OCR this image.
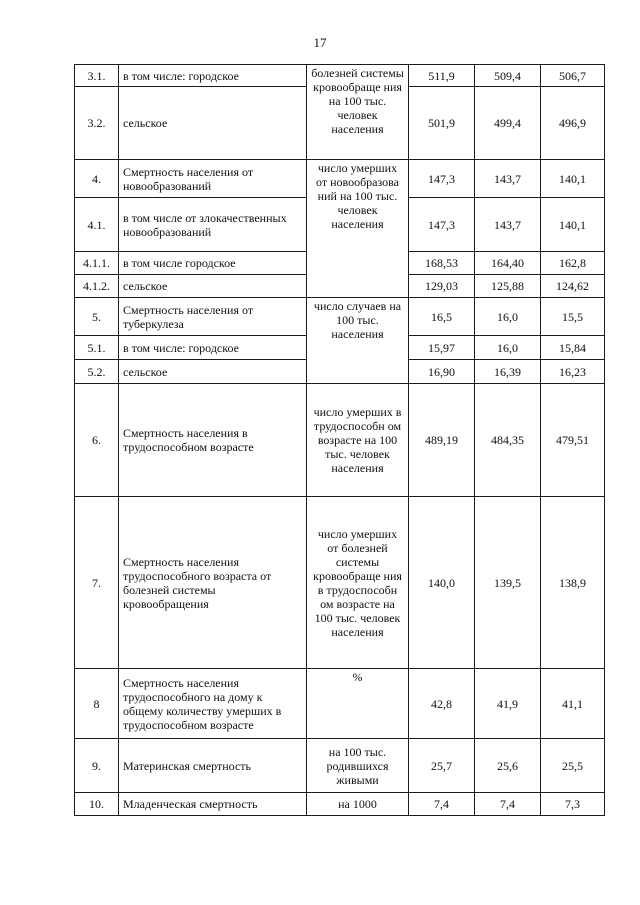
17
3.1.	в том числе: городское	болезней системы кровообраще ния на 100 тыс. человек населения	511,9	509,4	506,7
3.2.	сельское		501,9	499,4	496,9
4.	Смертность населения от новообразований	число умерших от новообразова ний на 100 тыс. человек населения	147,3	143,7	140,1
4.1.	в том числе от злокачественных новообразований		147,3	143,7	140,1
4.1.1.	в том числе городское		168,53	164,40	162,8
4.1.2.	сельское		129,03	125,88	124,62
5.	Смертность населения от туберкулеза	число случаев на 100 тыс. населения	16,5	16,0	15,5
5.1.	в том числе: городское		15,97	16,0	15,84
5.2.	сельское		16,90	16,39	16,23
6.	Смертность населения в трудоспособном возрасте	число умерших в трудоспособн ом возрасте на 100 тыс. человек населения	489,19	484,35	479,51
7.	Смертность населения трудоспособного возраста от болезней системы кровообращения	число умерших от болезней системы кровообраще ния в трудоспособн ом возрасте на 100 тыс. человек населения	140,0	139,5	138,9
8	Смертность населения трудоспособного на дому к общему количеству умерших в трудоспособном возрасте	%	42,8	41,9	41,1
9.	Материнская смертность	на 100 тыс. родившихся живыми	25,7	25,6	25,5
10.	Младенческая смертность	на 1000	7,4	7,4	7,3
